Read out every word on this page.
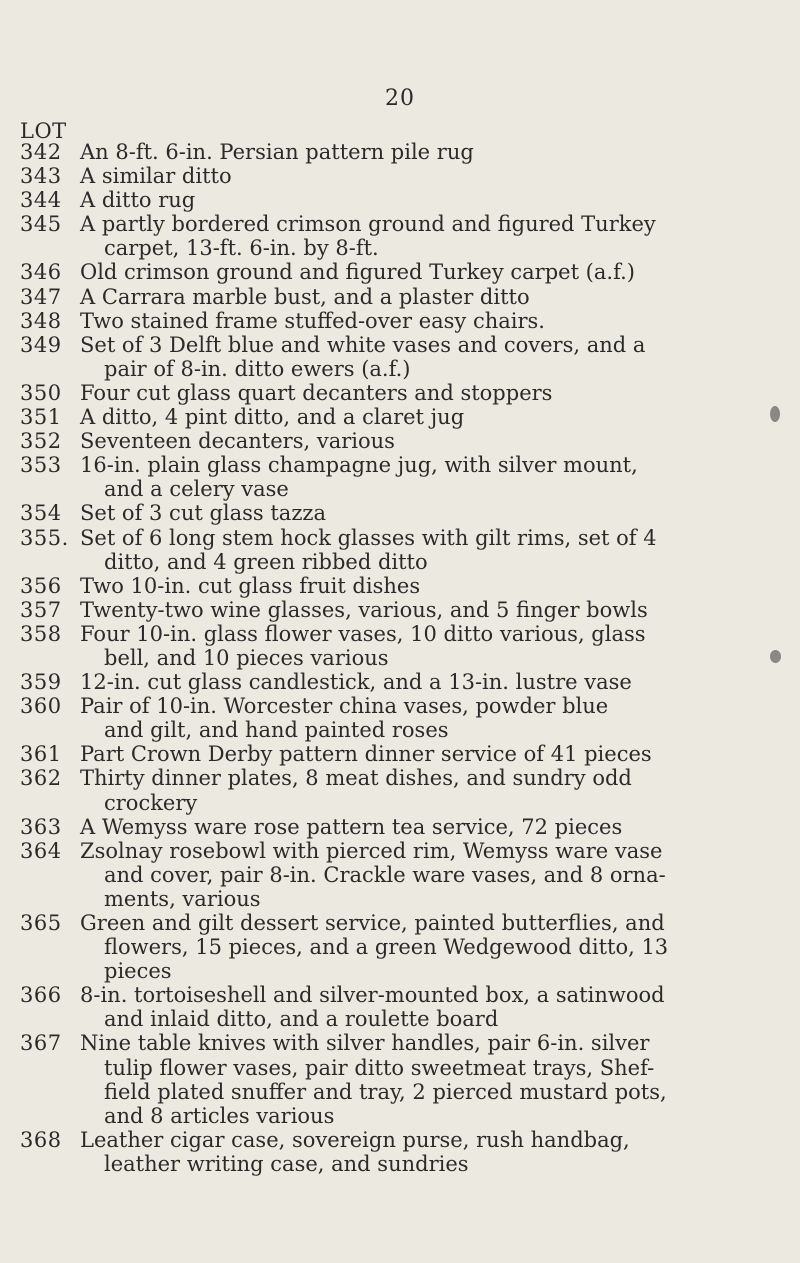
20
LOT
342 An 8-ft. 6-in. Persian pattern pile rug
343 A similar ditto
344 A ditto rug
345 A partly bordered crimson ground and figured Turkey
carpet, 13-ft. 6-in. by 8-ft.
346 Old crimson ground and figured Turkey carpet (a.f.)
347 A Carrara marble bust, and a plaster ditto
348 Two stained frame stuffed-over easy chairs.
349 Set of 3 Delft blue and white vases and covers, and a
pair of 8-in. ditto ewers (a.f.)
350 Four cut glass quart decanters and stoppers
351 A ditto, 4 pint ditto, and a claret jug
352 Seventeen decanters, various
353 16-in. plain glass champagne jug, with silver mount,
and a celery vase
354 Set of 3 cut glass tazza
355. Set of 6 long stem hock glasses with gilt rims, set of 4
ditto, and 4 green ribbed ditto
356 Two 10-in. cut glass fruit dishes
357 Twenty-two wine glasses, various, and 5 finger bowls
358 Four 10-in. glass flower vases, 10 ditto various, glass
bell, and 10 pieces various
359 12-in. cut glass candlestick, and a 13-in. lustre vase
360 Pair of 10-in. Worcester china vases, powder blue
and gilt, and hand painted roses
361 Part Crown Derby pattern dinner service of 41 pieces
362 Thirty dinner plates, 8 meat dishes, and sundry odd
crockery
363 A Wemyss ware rose pattern tea service, 72 pieces
364 Zsolnay rosebowl with pierced rim, Wemyss ware vase
and cover, pair 8-in. Crackle ware vases, and 8 orna-
ments, various
365 Green and gilt dessert service, painted butterflies, and
flowers, 15 pieces, and a green Wedgewood ditto, 13
pieces
366 8-in. tortoiseshell and silver-mounted box, a satinwood
and inlaid ditto, and a roulette board
367 Nine table knives with silver handles, pair 6-in. silver
tulip flower vases, pair ditto sweetmeat trays, Shef-
field plated snuffer and tray, 2 pierced mustard pots,
and 8 articles various
368 Leather cigar case, sovereign purse, rush handbag,
leather writing case, and sundries
